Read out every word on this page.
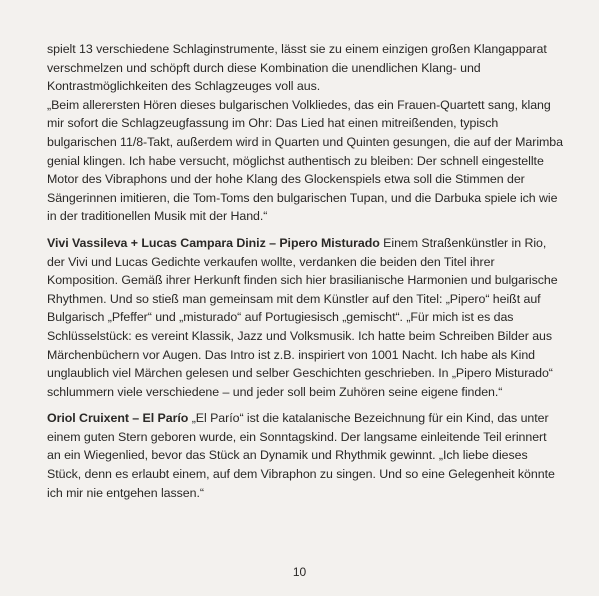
spielt 13 verschiedene Schlaginstrumente, lässt sie zu einem einzigen großen Klangapparat verschmelzen und schöpft durch diese Kombination die unendlichen Klang- und Kontrastmöglichkeiten des Schlagzeuges voll aus.

„Beim allerersten Hören dieses bulgarischen Volkliedes, das ein Frauen-Quartett sang, klang mir sofort die Schlagzeugfassung im Ohr: Das Lied hat einen mitreißenden, typisch bulgarischen 11/8-Takt, außerdem wird in Quarten und Quinten gesungen, die auf der Marimba genial klingen. Ich habe versucht, möglichst authentisch zu bleiben: Der schnell eingestellte Motor des Vibraphons und der hohe Klang des Glockenspiels etwa soll die Stimmen der Sängerinnen imitieren, die Tom-Toms den bulgarischen Tupan, und die Darbuka spiele ich wie in der traditionellen Musik mit der Hand.“

Vivi Vassileva + Lucas Campara Diniz – Pipero Misturado Einem Straßenkünstler in Rio, der Vivi und Lucas Gedichte verkaufen wollte, verdanken die beiden den Titel ihrer Komposition. Gemäß ihrer Herkunft finden sich hier brasilianische Harmonien und bulgarische Rhythmen. Und so stieß man gemeinsam mit dem Künstler auf den Titel: „Pipero“ heißt auf Bulgarisch „Pfeffer“ und „misturado“ auf Portugiesisch „gemischt“. „Für mich ist es das Schlüsselstück: es vereint Klassik, Jazz und Volksmusik. Ich hatte beim Schreiben Bilder aus Märchenbüchern vor Augen. Das Intro ist z.B. inspiriert von 1001 Nacht. Ich habe als Kind unglaublich viel Märchen gelesen und selber Geschichten geschrieben. In „Pipero Misturado“ schlummern viele verschiedene – und jeder soll beim Zuhören seine eigene finden.“

Oriol Cruixent – El Parío „El Parío“ ist die katalanische Bezeichnung für ein Kind, das unter einem guten Stern geboren wurde, ein Sonntagskind. Der langsame einleitende Teil erinnert an ein Wiegenlied, bevor das Stück an Dynamik und Rhythmik gewinnt. „Ich liebe dieses Stück, denn es erlaubt einem, auf dem Vibraphon zu singen. Und so eine Gelegenheit könnte ich mir nie entgehen lassen.“

10
